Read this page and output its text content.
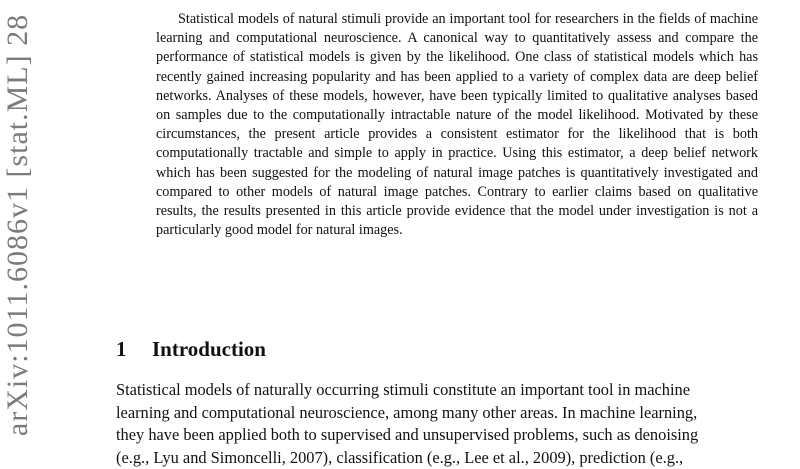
arXiv:1011.6086v1 [stat.ML] 28	Statistical models of natural stimuli provide an important tool for researchers in the fields of machine learning and computational neuroscience. A canonical way to quantitatively assess and compare the performance of statistical models is given by the likelihood. One class of statistical models which has recently gained increasing popularity and has been applied to a variety of complex data are deep belief networks. Analyses of these models, however, have been typically limited to qualitative analyses based on samples due to the computationally intractable nature of the model likelihood. Motivated by these circumstances, the present article provides a consistent estimator for the likelihood that is both computationally tractable and simple to apply in practice. Using this estimator, a deep belief network which has been suggested for the modeling of natural image patches is quantitatively investigated and compared to other models of natural image patches. Contrary to earlier claims based on qualitative results, the results presented in this article provide evidence that the model under investigation is not a particularly good model for natural images.

1 Introduction
Statistical models of naturally occurring stimuli constitute an important tool in machine
learning and computational neuroscience, among many other areas. In machine learning,
they have been applied both to supervised and unsupervised problems, such as denoising
(e.g., Lyu and Simoncelli, 2007), classification (e.g., Lee et al., 2009), prediction (e.g.,
